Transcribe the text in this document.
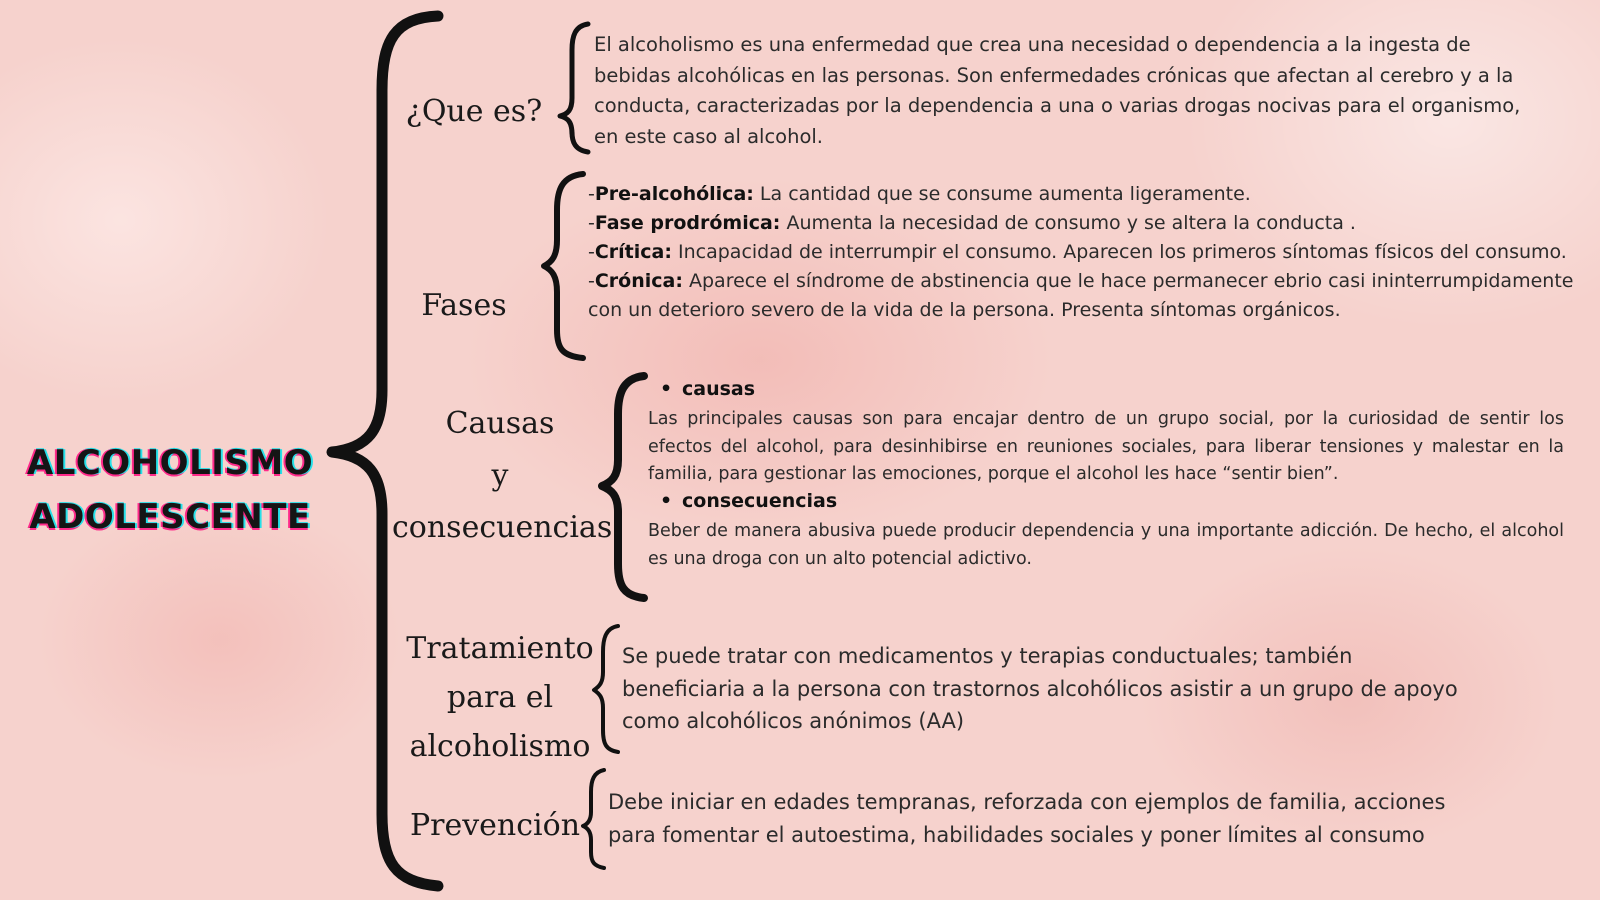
ALCOHOLISMO
ADOLESCENTE
¿Que es?
El alcoholismo es una enfermedad que crea una necesidad o dependencia a la ingesta de bebidas alcohólicas en las personas. Son enfermedades crónicas que afectan al cerebro y a la conducta, caracterizadas por la dependencia a una o varias drogas nocivas para el organismo, en este caso al alcohol.
Fases
-Pre-alcohólica: La cantidad que se consume aumenta ligeramente.
-Fase prodrómica: Aumenta la necesidad de consumo y se altera la conducta .
-Crítica: Incapacidad de interrumpir el consumo. Aparecen los primeros síntomas físicos del consumo.
-Crónica: Aparece el síndrome de abstinencia que le hace permanecer ebrio casi ininterrumpidamente
con un deterioro severo de la vida de la persona. Presenta síntomas orgánicos.
Causas
y
consecuencias
• causas
Las principales causas son para encajar dentro de un grupo social, por la curiosidad de sentir los efectos del alcohol, para desinhibirse en reuniones sociales, para liberar tensiones y malestar en la familia, para gestionar las emociones, porque el alcohol les hace “sentir bien”.
• consecuencias
Beber de manera abusiva puede producir dependencia y una importante adicción. De hecho, el alcohol es una droga con un alto potencial adictivo.
Tratamiento
para el
alcoholismo
Se puede tratar con medicamentos y terapias conductuales; también beneficiaria a la persona con trastornos alcohólicos asistir a un grupo de apoyo como alcohólicos anónimos (AA)
Prevención
Debe iniciar en edades tempranas, reforzada con ejemplos de familia, acciones para fomentar el autoestima, habilidades sociales y poner límites al consumo
